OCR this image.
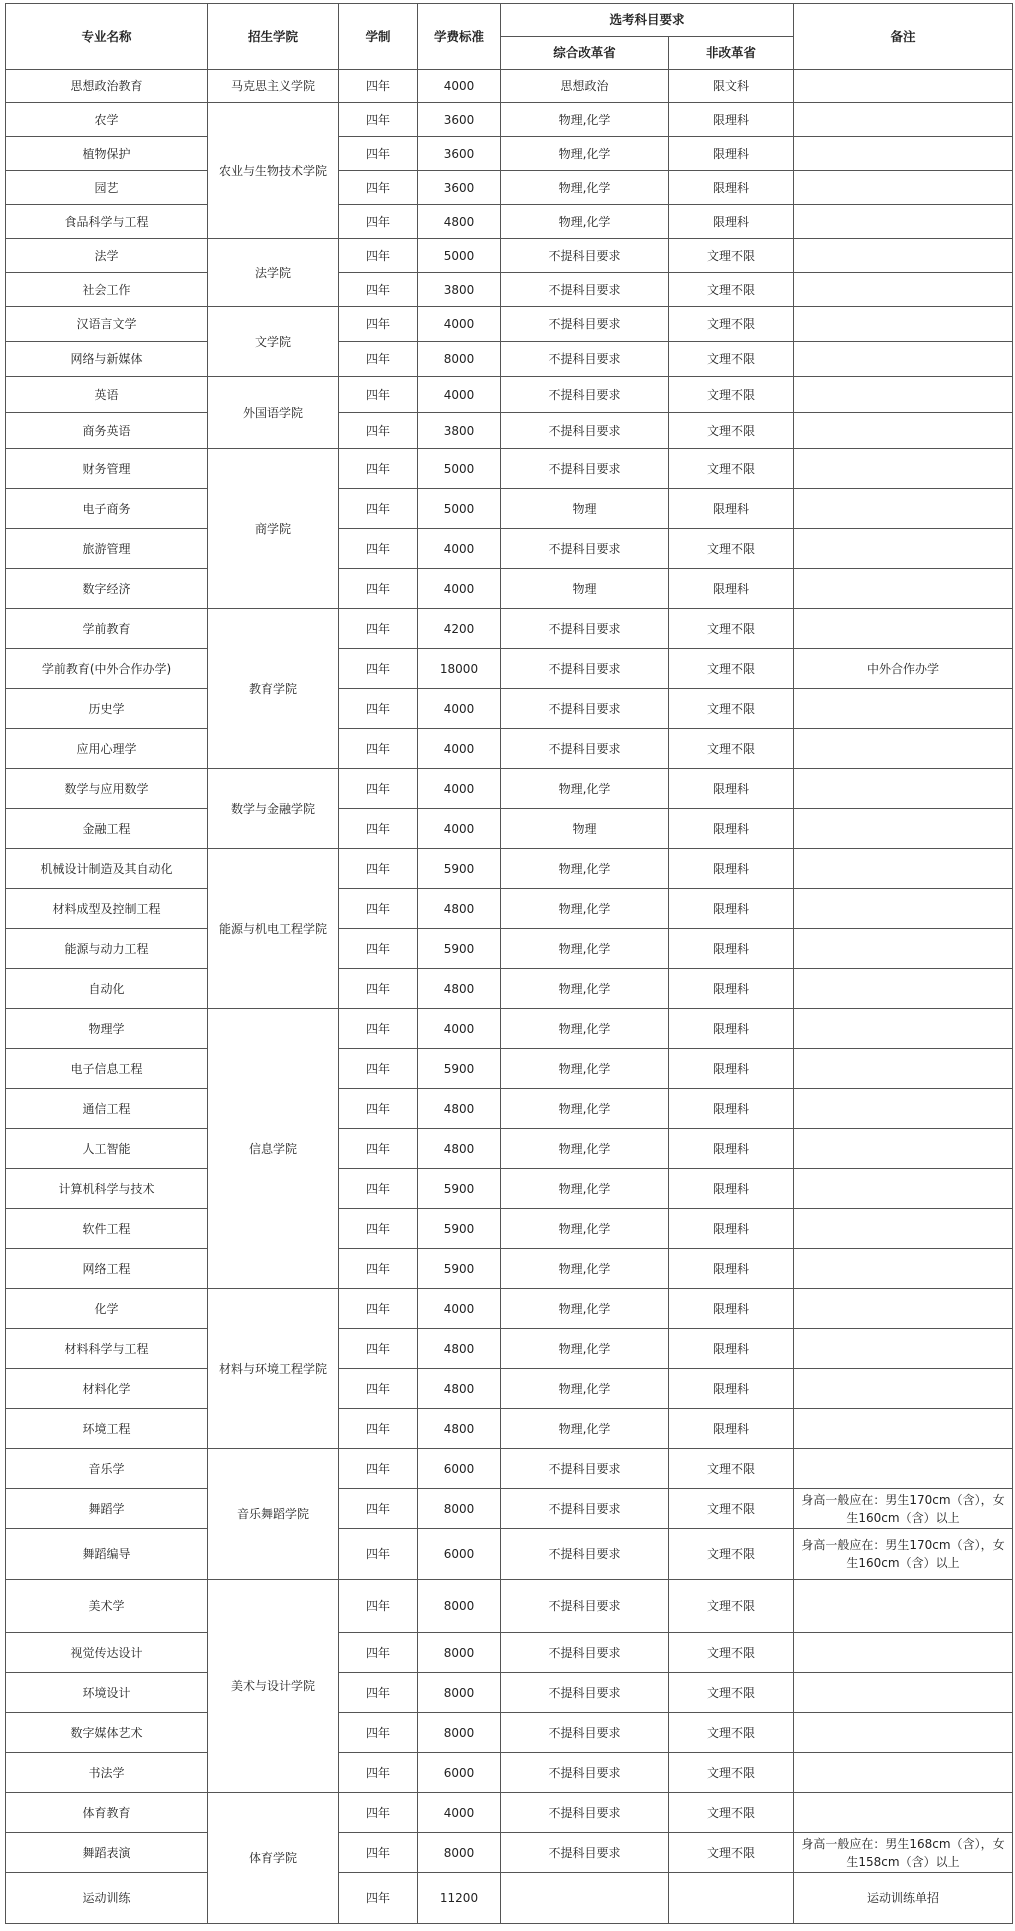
专业名称	招生学院	学制	学费标准	选考科目要求		备注
				综合改革省	非改革省	
思想政治教育	马克思主义学院	四年	4000	思想政治	限文科	
农学	农业与生物技术学院	四年	3600	物理,化学	限理科	
植物保护		四年	3600	物理,化学	限理科	
园艺		四年	3600	物理,化学	限理科	
食品科学与工程		四年	4800	物理,化学	限理科	
法学	法学院	四年	5000	不提科目要求	文理不限	
社会工作		四年	3800	不提科目要求	文理不限	
汉语言文学	文学院	四年	4000	不提科目要求	文理不限	
网络与新媒体		四年	8000	不提科目要求	文理不限	
英语	外国语学院	四年	4000	不提科目要求	文理不限	
商务英语		四年	3800	不提科目要求	文理不限	
财务管理	商学院	四年	5000	不提科目要求	文理不限	
电子商务		四年	5000	物理	限理科	
旅游管理		四年	4000	不提科目要求	文理不限	
数字经济		四年	4000	物理	限理科	
学前教育	教育学院	四年	4200	不提科目要求	文理不限	
学前教育(中外合作办学)		四年	18000	不提科目要求	文理不限	中外合作办学
历史学		四年	4000	不提科目要求	文理不限	
应用心理学		四年	4000	不提科目要求	文理不限	
数学与应用数学	数学与金融学院	四年	4000	物理,化学	限理科	
金融工程		四年	4000	物理	限理科	
机械设计制造及其自动化	能源与机电工程学院	四年	5900	物理,化学	限理科	
材料成型及控制工程		四年	4800	物理,化学	限理科	
能源与动力工程		四年	5900	物理,化学	限理科	
自动化		四年	4800	物理,化学	限理科	
物理学	信息学院	四年	4000	物理,化学	限理科	
电子信息工程		四年	5900	物理,化学	限理科	
通信工程		四年	4800	物理,化学	限理科	
人工智能		四年	4800	物理,化学	限理科	
计算机科学与技术		四年	5900	物理,化学	限理科	
软件工程		四年	5900	物理,化学	限理科	
网络工程		四年	5900	物理,化学	限理科	
化学	材料与环境工程学院	四年	4000	物理,化学	限理科	
材料科学与工程		四年	4800	物理,化学	限理科	
材料化学		四年	4800	物理,化学	限理科	
环境工程		四年	4800	物理,化学	限理科	
音乐学	音乐舞蹈学院	四年	6000	不提科目要求	文理不限	
舞蹈学		四年	8000	不提科目要求	文理不限	身高一般应在：男生170cm（含），女生160cm（含）以上
舞蹈编导		四年	6000	不提科目要求	文理不限	身高一般应在：男生170cm（含），女生160cm（含）以上
美术学	美术与设计学院	四年	8000	不提科目要求	文理不限	
视觉传达设计		四年	8000	不提科目要求	文理不限	
环境设计		四年	8000	不提科目要求	文理不限	
数字媒体艺术		四年	8000	不提科目要求	文理不限	
书法学		四年	6000	不提科目要求	文理不限	
体育教育	体育学院	四年	4000	不提科目要求	文理不限	
舞蹈表演		四年	8000	不提科目要求	文理不限	身高一般应在：男生168cm（含），女生158cm（含）以上
运动训练		四年	11200			运动训练单招
